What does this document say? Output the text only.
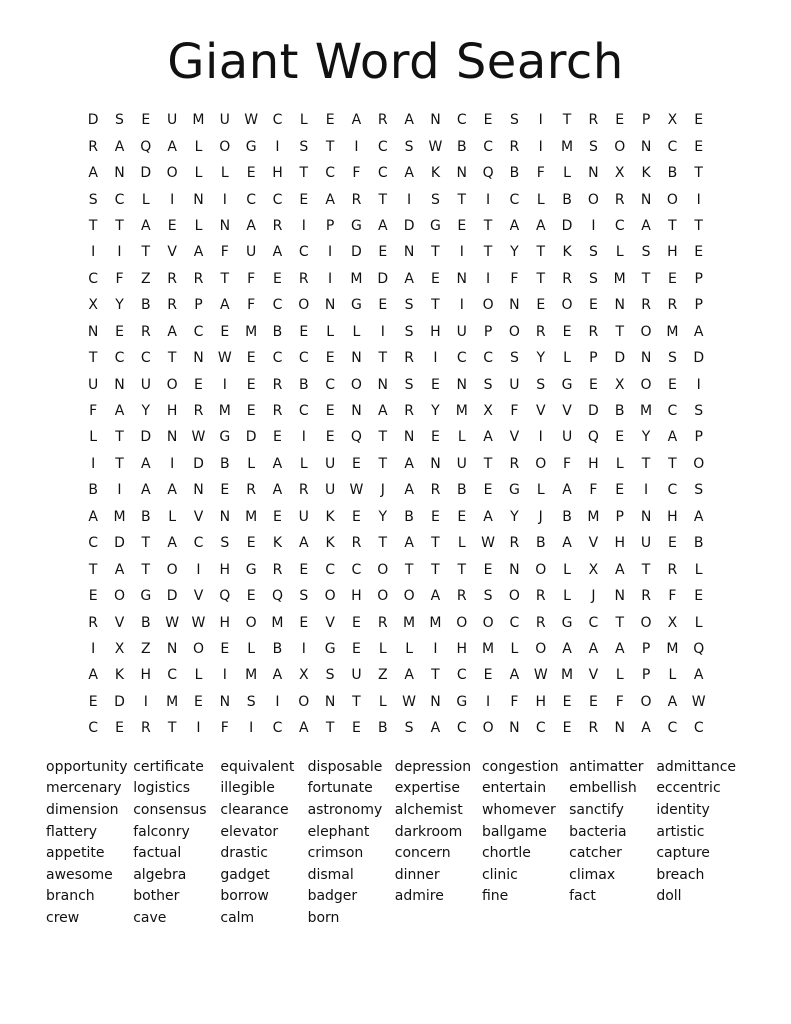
Giant Word Search
D	S	E	U	M	U	W	C	L	E	A	R	A	N	C	E	S	I	T	R	E	P	X	E
R	A	Q	A	L	O	G	I	S	T	I	C	S	W	B	C	R	I	M	S	O	N	C	E
A	N	D	O	L	L	E	H	T	C	F	C	A	K	N	Q	B	F	L	N	X	K	B	T
S	C	L	I	N	I	C	C	E	A	R	T	I	S	T	I	C	L	B	O	R	N	O	I
T	T	A	E	L	N	A	R	I	P	G	A	D	G	E	T	A	A	D	I	C	A	T	T
I	I	T	V	A	F	U	A	C	I	D	E	N	T	I	T	Y	T	K	S	L	S	H	E
C	F	Z	R	R	T	F	E	R	I	M	D	A	E	N	I	F	T	R	S	M	T	E	P
X	Y	B	R	P	A	F	C	O	N	G	E	S	T	I	O	N	E	O	E	N	R	R	P
N	E	R	A	C	E	M	B	E	L	L	I	S	H	U	P	O	R	E	R	T	O	M	A
T	C	C	T	N	W	E	C	C	E	N	T	R	I	C	C	S	Y	L	P	D	N	S	D
U	N	U	O	E	I	E	R	B	C	O	N	S	E	N	S	U	S	G	E	X	O	E	I
F	A	Y	H	R	M	E	R	C	E	N	A	R	Y	M	X	F	V	V	D	B	M	C	S
L	T	D	N	W G	D	E	I	E	Q	T	N	E	L	A	V	I	U	Q	E	Y	A	P
I	T	A	I	D	B	L	A	L	U	E	T	A	N	U	T	R	O	F	H	L	T	T	O
B	I	A	A	N	E	R	A	R	U	W	J	A	R	B	E	G	L	A	F	E	I	C	S
A	M	B	L	V	N	M	E	U	K	E	Y	B	E	E	A	Y	J	B	M	P	N	H	A
C	D	T	A	C	S	E	K	A	K	R	T	A	T	L	W	R	B	A	V	H	U	E	B
T	A	T	O	I	H	G	R	E	C	C	O	T	T	T	E	N	O	L	X	A	T	R	L
E	O	G	D	V	Q	E	Q	S	O	H	O	O	A	R	S	O	R	L	J	N	R	F	E
R	V	B	W W	H	O	M	E	V	E	R	M	M	O	O	C	R	G	C	T	O	X	L
I	X	Z	N	O	E	L	B	I	G	E	L	L	I	H	M	L	O	A	A	A	P	M	Q
A	K	H	C	L	I	M	A	X	S	U	Z	A	T	C	E	A	W M	V	L	P	L	A
E	D	I	M	E	N	S	I	O	N	T	L	W	N	G	I	F	H	E	E	F	O	A	W
C	E	R	T	I	F	I	C	A	T	E	B	S	A	C	O	N	C	E	R	N	A	C	C
opportunity certificate	equivalent disposable depression congestion antimatter admittance
mercenary logistics	illegible	fortunate	expertise	entertain	embellish	eccentric
dimension	consensus clearance	astronomy alchemist	whomever sanctify	identity
flattery	falconry	elevator	elephant	darkroom	ballgame	bacteria	artistic
appetite	factual	drastic	crimson	concern	chortle	catcher	capture
awesome	algebra	gadget	dismal	dinner	clinic	climax	breach
branch	bother	borrow	badger	admire	fine	fact	doll
crew	cave	calm	born
